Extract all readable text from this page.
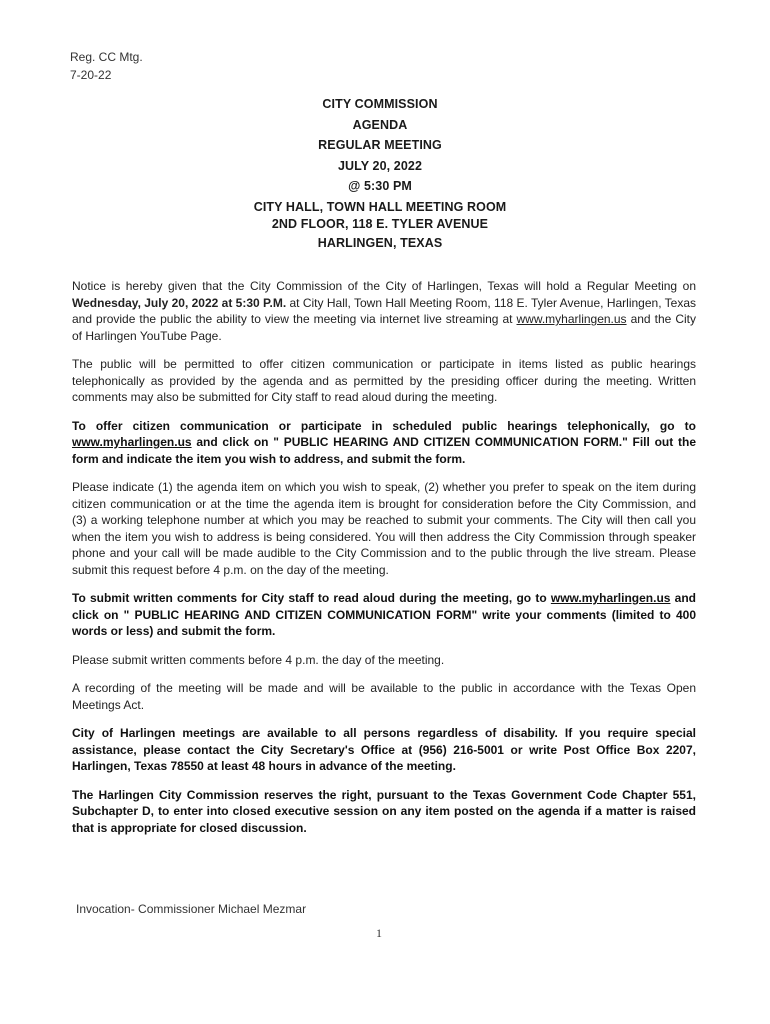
Reg. CC Mtg.
7-20-22
CITY COMMISSION
AGENDA
REGULAR MEETING
JULY 20, 2022
@ 5:30 PM
CITY HALL, TOWN HALL MEETING ROOM
2ND FLOOR, 118 E. TYLER AVENUE
HARLINGEN, TEXAS

Notice is hereby given that the City Commission of the City of Harlingen, Texas will hold a Regular Meeting on Wednesday, July 20, 2022 at 5:30 P.M. at City Hall, Town Hall Meeting Room, 118 E. Tyler Avenue, Harlingen, Texas and provide the public the ability to view the meeting via internet live streaming at www.myharlingen.us and the City of Harlingen YouTube Page.

The public will be permitted to offer citizen communication or participate in items listed as public hearings telephonically as provided by the agenda and as permitted by the presiding officer during the meeting. Written comments may also be submitted for City staff to read aloud during the meeting.

To offer citizen communication or participate in scheduled public hearings telephonically, go to www.myharlingen.us and click on " PUBLIC HEARING AND CITIZEN COMMUNICATION FORM." Fill out the form and indicate the item you wish to address, and submit the form.

Please indicate (1) the agenda item on which you wish to speak, (2) whether you prefer to speak on the item during citizen communication or at the time the agenda item is brought for consideration before the City Commission, and (3) a working telephone number at which you may be reached to submit your comments. The City will then call you when the item you wish to address is being considered. You will then address the City Commission through speaker phone and your call will be made audible to the City Commission and to the public through the live stream. Please submit this request before 4 p.m. on the day of the meeting.

To submit written comments for City staff to read aloud during the meeting, go to www.myharlingen.us and click on " PUBLIC HEARING AND CITIZEN COMMUNICATION FORM" write your comments (limited to 400 words or less) and submit the form.

Please submit written comments before 4 p.m. the day of the meeting.

A recording of the meeting will be made and will be available to the public in accordance with the Texas Open Meetings Act.

City of Harlingen meetings are available to all persons regardless of disability. If you require special assistance, please contact the City Secretary's Office at (956) 216-5001 or write Post Office Box 2207, Harlingen, Texas 78550 at least 48 hours in advance of the meeting.

The Harlingen City Commission reserves the right, pursuant to the Texas Government Code Chapter 551, Subchapter D, to enter into closed executive session on any item posted on the agenda if a matter is raised that is appropriate for closed discussion.

Invocation- Commissioner Michael Mezmar
1
